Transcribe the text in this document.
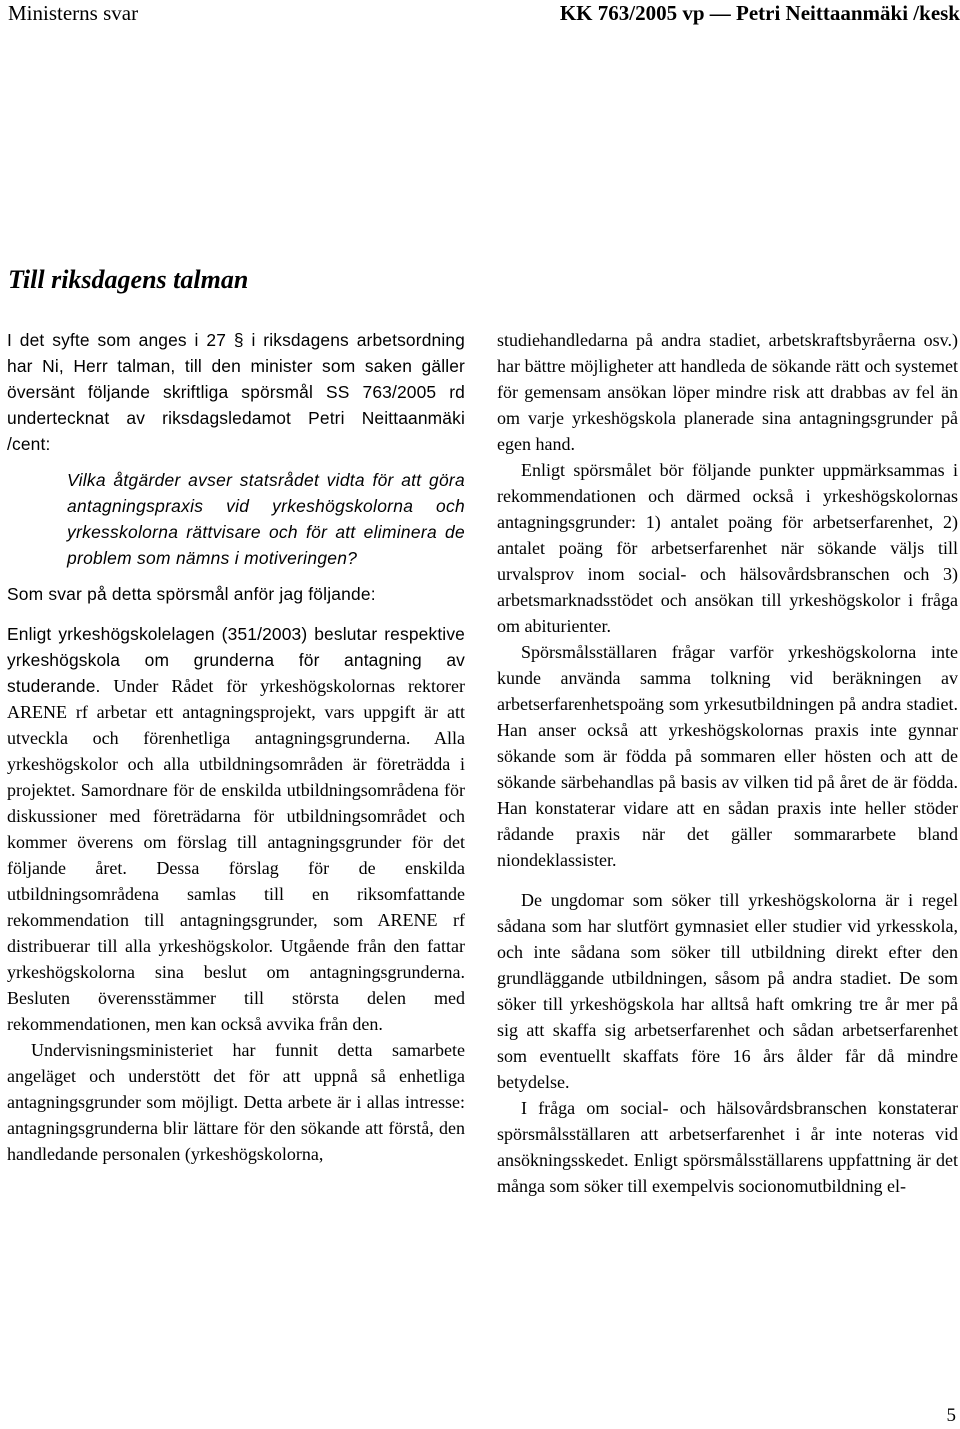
Ministerns svar	KK 763/2005 vp — Petri Neittaanmäki /kesk
Till riksdagens talman

I det syfte som anges i 27 § i riksdagens arbetsordning har Ni, Herr talman, till den minister som saken gäller översänt följande skriftliga spörsmål SS 763/2005 rd undertecknat av riksdagsledamot Petri Neittaanmäki /cent:

Vilka åtgärder avser statsrådet vidta för att göra antagningspraxis vid yrkeshögskolorna och yrkesskolorna rättvisare och för att eliminera de problem som nämns i motiveringen?

Som svar på detta spörsmål anför jag följande:

Enligt yrkeshögskolelagen (351/2003) beslutar respektive yrkeshögskola om grunderna för antagning av studerande. Under Rådet för yrkeshögskolornas rektorer ARENE rf arbetar ett antagningsprojekt, vars uppgift är att utveckla och förenhetliga antagningsgrunderna. Alla yrkeshögskolor och alla utbildningsområden är företrädda i projektet. Samordnare för de enskilda utbildningsområdena för diskussioner med företrädarna för utbildningsområdet och kommer överens om förslag till antagningsgrunder för det följande året. Dessa förslag för de enskilda utbildningsområdena samlas till en riksomfattande rekommendation till antagningsgrunder, som ARENE rf distribuerar till alla yrkeshögskolor. Utgående från den fattar yrkeshögskolorna sina beslut om antagningsgrunderna. Besluten överensstämmer till största delen med rekommendationen, men kan också avvika från den.

Undervisningsministeriet har funnit detta samarbete angeläget och understött det för att uppnå så enhetliga antagningsgrunder som möjligt. Detta arbete är i allas intresse: antagningsgrunderna blir lättare för den sökande att förstå, den handledande personalen (yrkeshögskolorna,

studiehandledarna på andra stadiet, arbetskraftsbyråerna osv.) har bättre möjligheter att handleda de sökande rätt och systemet för gemensam ansökan löper mindre risk att drabbas av fel än om varje yrkeshögskola planerade sina antagningsgrunder på egen hand.

Enligt spörsmålet bör följande punkter uppmärksammas i rekommendationen och därmed också i yrkeshögskolornas antagningsgrunder: 1) antalet poäng för arbetserfarenhet, 2) antalet poäng för arbetserfarenhet när sökande väljs till urvalsprov inom social- och hälsovårdsbranschen och 3) arbetsmarknadsstödet och ansökan till yrkeshögskolor i fråga om abiturienter.

Spörsmålsställaren frågar varför yrkeshögskolorna inte kunde använda samma tolkning vid beräkningen av arbetserfarenhetspoäng som yrkesutbildningen på andra stadiet. Han anser också att yrkeshögskolornas praxis inte gynnar sökande som är födda på sommaren eller hösten och att de sökande särbehandlas på basis av vilken tid på året de är födda. Han konstaterar vidare att en sådan praxis inte heller stöder rådande praxis när det gäller sommararbete bland niondeklassister.

De ungdomar som söker till yrkeshögskolorna är i regel sådana som har slutfört gymnasiet eller studier vid yrkesskola, och inte sådana som söker till utbildning direkt efter den grundläggande utbildningen, såsom på andra stadiet. De som söker till yrkeshögskola har alltså haft omkring tre år mer på sig att skaffa sig arbetserfarenhet och sådan arbetserfarenhet som eventuellt skaffats före 16 års ålder får då mindre betydelse.

I fråga om social- och hälsovårdsbranschen konstaterar spörsmålsställaren att arbetserfarenhet i år inte noteras vid ansökningsskedet. Enligt spörsmålsställarens uppfattning är det många som söker till exempelvis socionomutbildning el-

5
